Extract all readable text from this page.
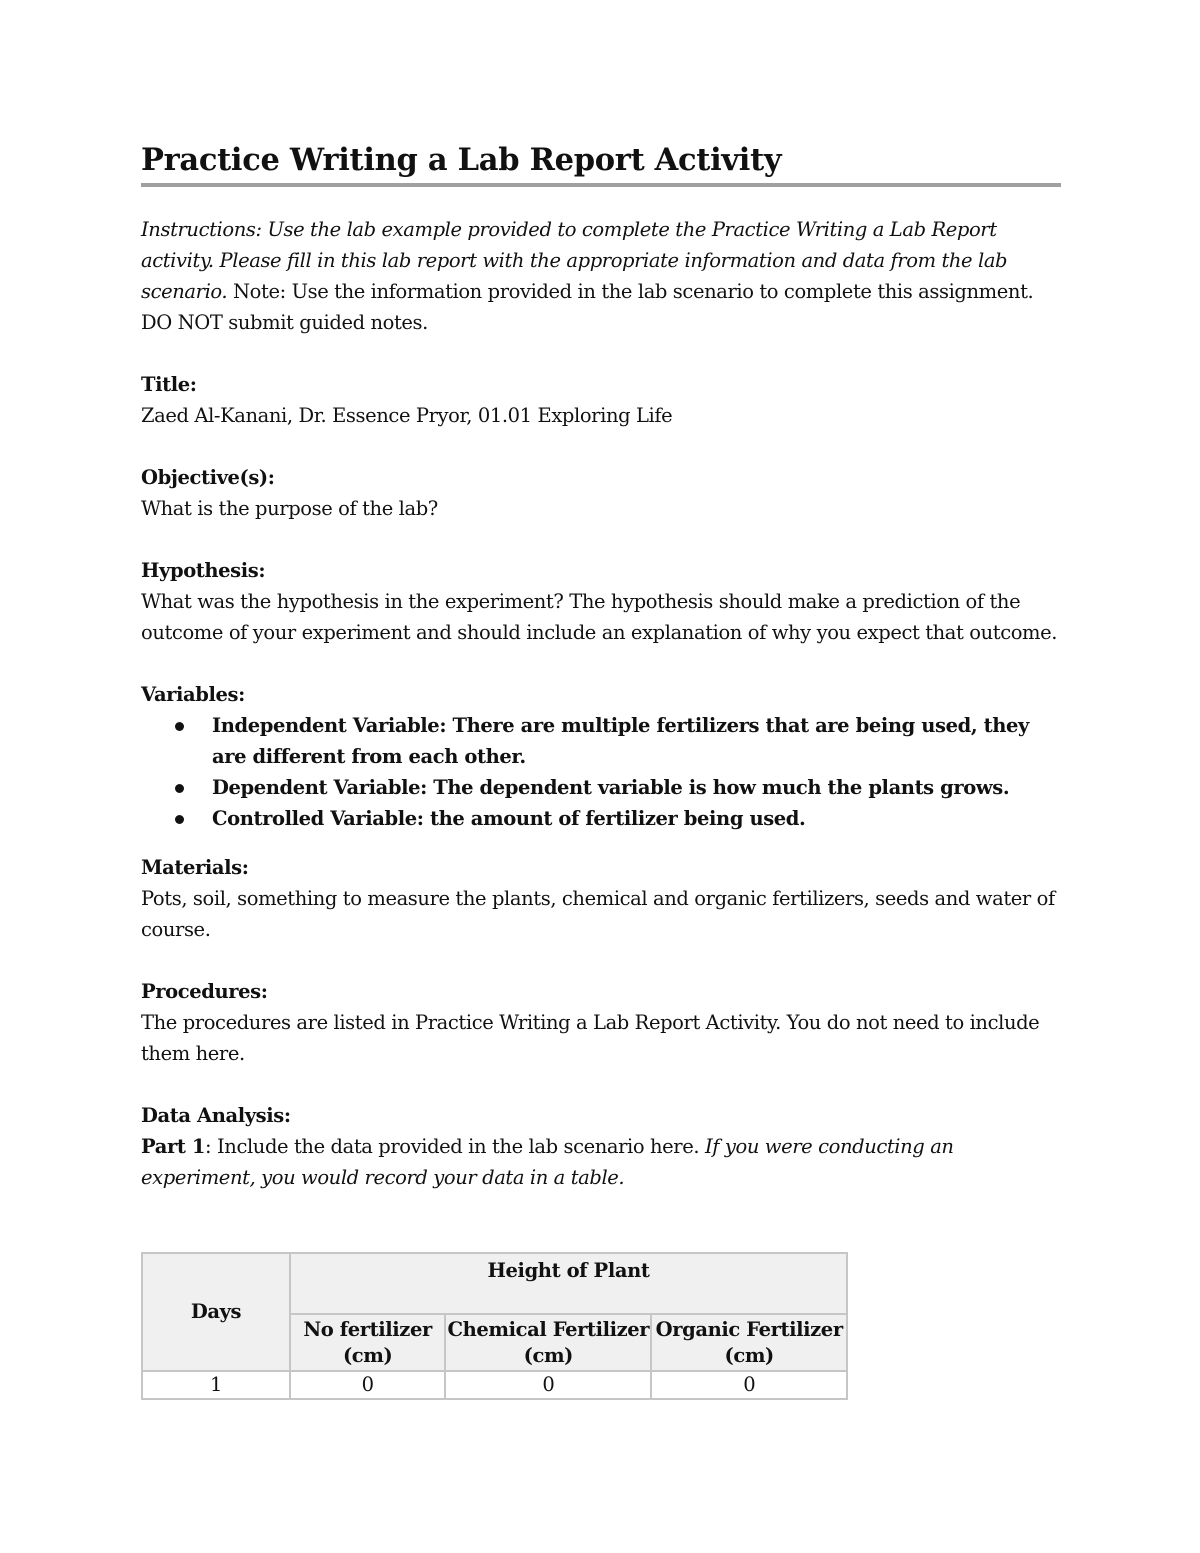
Practice Writing a Lab Report Activity

Instructions: Use the lab example provided to complete the Practice Writing a Lab Report activity. Please fill in this lab report with the appropriate information and data from the lab scenario. Note: Use the information provided in the lab scenario to complete this assignment. DO NOT submit guided notes.

Title:

Zaed Al-Kanani, Dr. Essence Pryor, 01.01 Exploring Life

Objective(s):

What is the purpose of the lab?

Hypothesis:

What was the hypothesis in the experiment? The hypothesis should make a prediction of the outcome of your experiment and should include an explanation of why you expect that outcome.

Variables:

Independent Variable: There are multiple fertilizers that are being used, they are different from each other.
Dependent Variable: The dependent variable is how much the plants grows.
Controlled Variable: the amount of fertilizer being used.

Materials:

Pots, soil, something to measure the plants, chemical and organic fertilizers, seeds and water of course.

Procedures:

The procedures are listed in Practice Writing a Lab Report Activity. You do not need to include them here.

Data Analysis:

Part 1: Include the data provided in the lab scenario here. If you were conducting an experiment, you would record your data in a table.

Days	Height of Plant		
	No fertilizer (cm)	Chemical Fertilizer (cm)	Organic Fertilizer (cm)
1	0	0	0
